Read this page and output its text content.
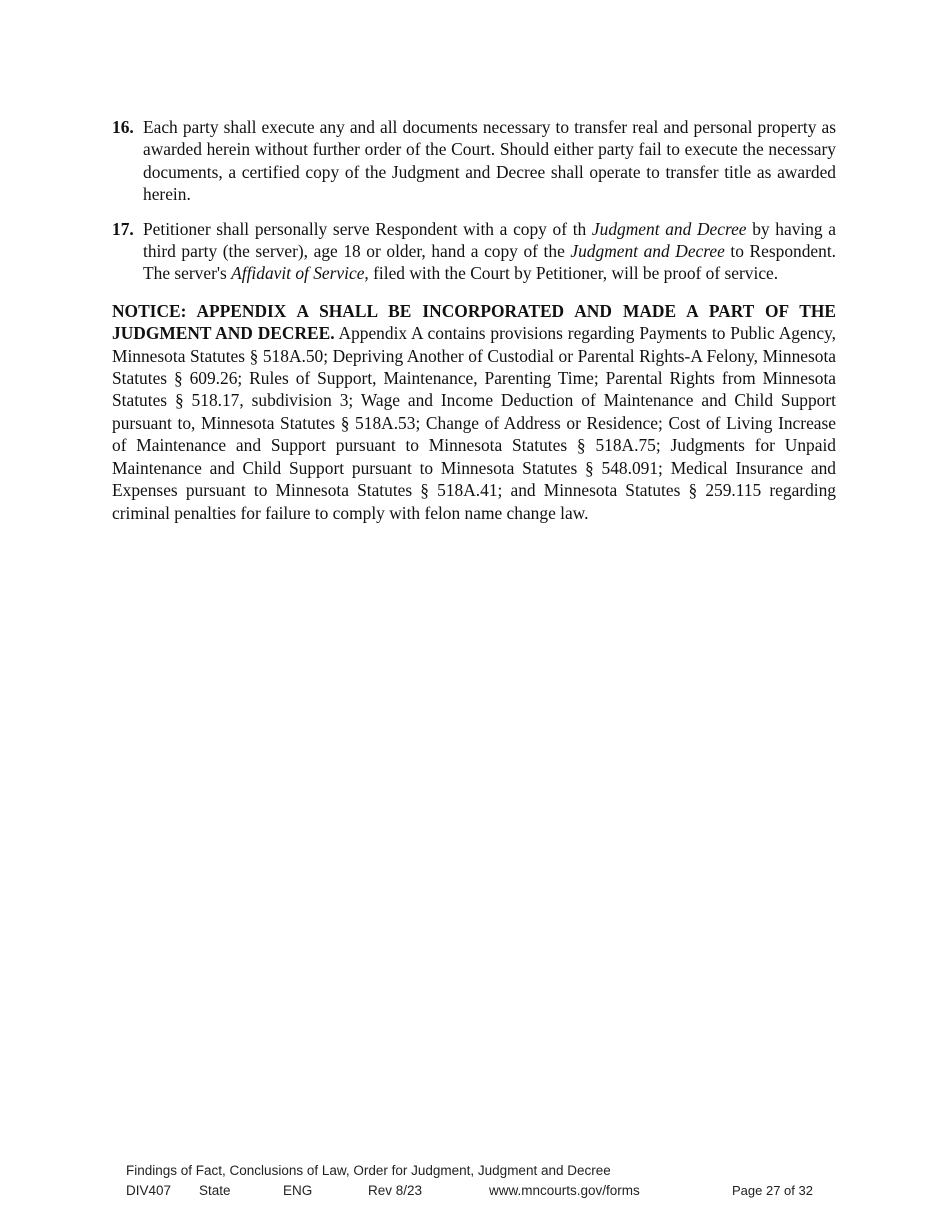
16. Each party shall execute any and all documents necessary to transfer real and personal property as awarded herein without further order of the Court. Should either party fail to execute the necessary documents, a certified copy of the Judgment and Decree shall operate to transfer title as awarded herein.

17. Petitioner shall personally serve Respondent with a copy of th Judgment and Decree by having a third party (the server), age 18 or older, hand a copy of the Judgment and Decree to Respondent. The server's Affidavit of Service, filed with the Court by Petitioner, will be proof of service.

NOTICE: APPENDIX A SHALL BE INCORPORATED AND MADE A PART OF THE JUDGMENT AND DECREE. Appendix A contains provisions regarding Payments to Public Agency, Minnesota Statutes § 518A.50; Depriving Another of Custodial or Parental Rights-A Felony, Minnesota Statutes § 609.26; Rules of Support, Maintenance, Parenting Time; Parental Rights from Minnesota Statutes § 518.17, subdivision 3; Wage and Income Deduction of Maintenance and Child Support pursuant to, Minnesota Statutes § 518A.53; Change of Address or Residence; Cost of Living Increase of Maintenance and Support pursuant to Minnesota Statutes § 518A.75; Judgments for Unpaid Maintenance and Child Support pursuant to Minnesota Statutes § 548.091; Medical Insurance and Expenses pursuant to Minnesota Statutes § 518A.41; and Minnesota Statutes § 259.115 regarding criminal penalties for failure to comply with felon name change law.

Findings of Fact, Conclusions of Law, Order for Judgment, Judgment and Decree
DIV407 State	ENG	Rev 8/23	www.mncourts.gov/forms	Page 27 of 32
